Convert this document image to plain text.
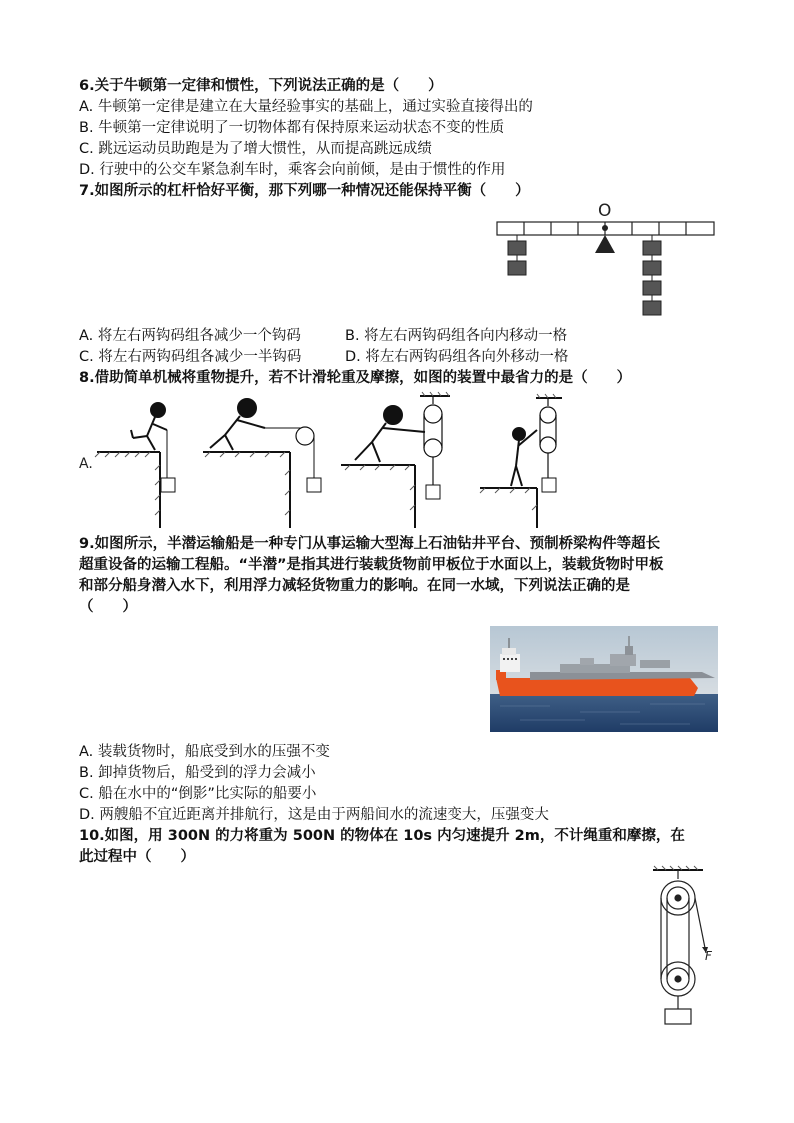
6.关于牛顿第一定律和惯性，下列说法正确的是（　　）
A. 牛顿第一定律是建立在大量经验事实的基础上，通过实验直接得出的
B. 牛顿第一定律说明了一切物体都有保持原来运动状态不变的性质
C. 跳远运动员助跑是为了增大惯性，从而提高跳远成绩
D. 行驶中的公交车紧急刹车时，乘客会向前倾，是由于惯性的作用
7.如图所示的杠杆恰好平衡，那下列哪一种情况还能保持平衡（　　）
O
A. 将左右两钩码组各减少一个钩码	B. 将左右两钩码组各向内移动一格
C. 将左右两钩码组各减少一半钩码	D. 将左右两钩码组各向外移动一格
8.借助简单机械将重物提升，若不计滑轮重及摩擦，如图的装置中最省力的是（　　）
A.
9.如图所示，半潜运输船是一种专门从事运输大型海上石油钻井平台、预制桥梁构件等超长
超重设备的运输工程船。“半潜”是指其进行装载货物前甲板位于水面以上，装载货物时甲板
和部分船身潜入水下，利用浮力减轻货物重力的影响。在同一水域，下列说法正确的是
（　　）
A. 装载货物时，船底受到水的压强不变
B. 卸掉货物后，船受到的浮力会减小
C. 船在水中的“倒影”比实际的船要小
D. 两艘船不宜近距离并排航行，这是由于两船间水的流速变大，压强变大
10.如图，用 300N 的力将重为 500N 的物体在 10s 内匀速提升 2m，不计绳重和摩擦，在
此过程中（　　）
F
